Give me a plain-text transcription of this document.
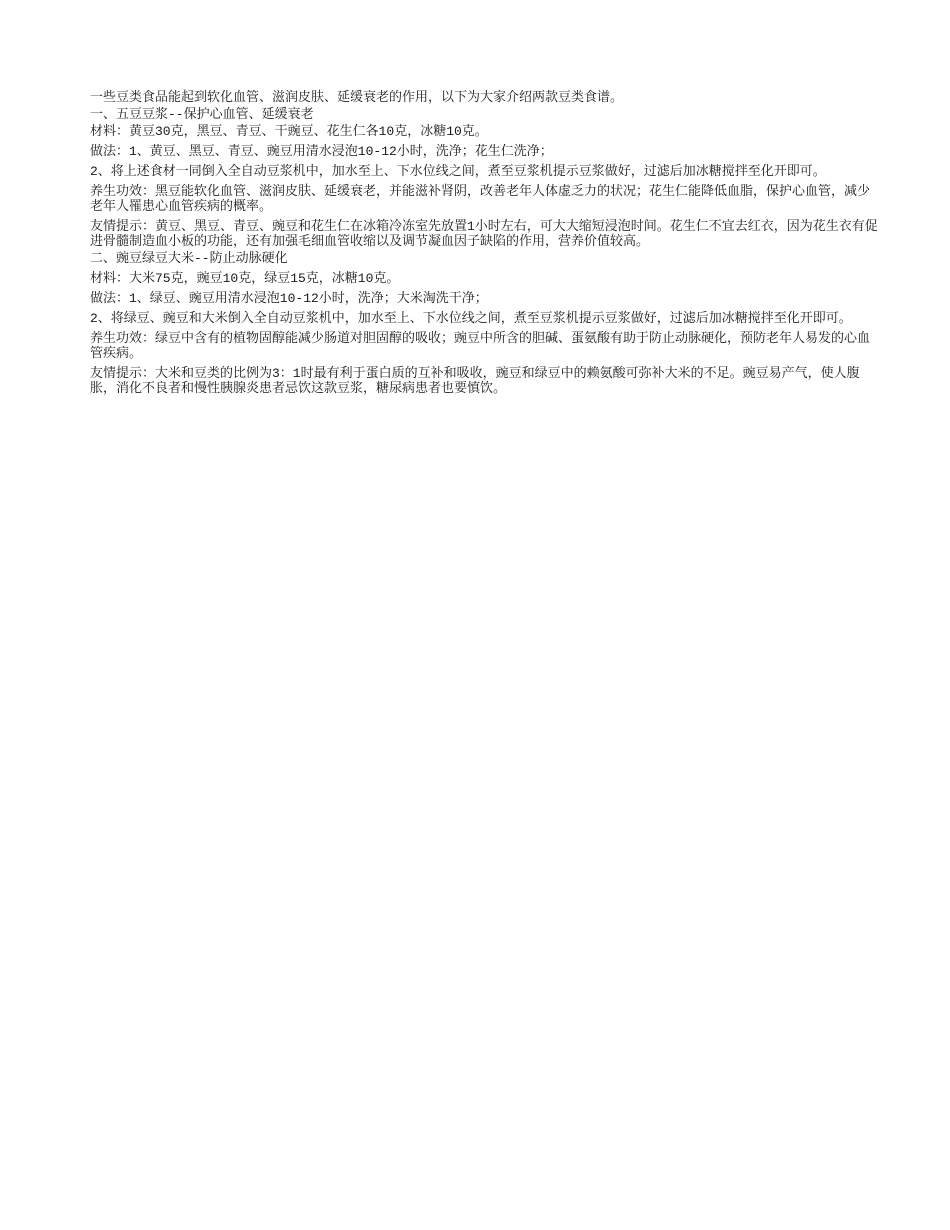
一些豆类食品能起到软化血管、滋润皮肤、延缓衰老的作用，以下为大家介绍两款豆类食谱。

一、五豆豆浆--保护心血管、延缓衰老

材料：黄豆30克，黑豆、青豆、干豌豆、花生仁各10克，冰糖10克。

做法：1、黄豆、黑豆、青豆、豌豆用清水浸泡10-12小时，洗净；花生仁洗净；

2、将上述食材一同倒入全自动豆浆机中，加水至上、下水位线之间，煮至豆浆机提示豆浆做好，过滤后加冰糖搅拌至化开即可。

养生功效：黑豆能软化血管、滋润皮肤、延缓衰老，并能滋补肾阴，改善老年人体虚乏力的状况；花生仁能降低血脂，保护心血管，减少老年人罹患心血管疾病的概率。

友情提示：黄豆、黑豆、青豆、豌豆和花生仁在冰箱冷冻室先放置1小时左右，可大大缩短浸泡时间。花生仁不宜去红衣，因为花生衣有促进骨髓制造血小板的功能，还有加强毛细血管收缩以及调节凝血因子缺陷的作用，营养价值较高。

二、豌豆绿豆大米--防止动脉硬化

材料：大米75克，豌豆10克，绿豆15克，冰糖10克。

做法：1、绿豆、豌豆用清水浸泡10-12小时，洗净；大米淘洗干净；

2、将绿豆、豌豆和大米倒入全自动豆浆机中，加水至上、下水位线之间，煮至豆浆机提示豆浆做好，过滤后加冰糖搅拌至化开即可。

养生功效：绿豆中含有的植物固醇能减少肠道对胆固醇的吸收；豌豆中所含的胆碱、蛋氨酸有助于防止动脉硬化，预防老年人易发的心血管疾病。

友情提示：大米和豆类的比例为3：1时最有利于蛋白质的互补和吸收，豌豆和绿豆中的赖氨酸可弥补大米的不足。豌豆易产气，使人腹胀，消化不良者和慢性胰腺炎患者忌饮这款豆浆，糖尿病患者也要慎饮。
